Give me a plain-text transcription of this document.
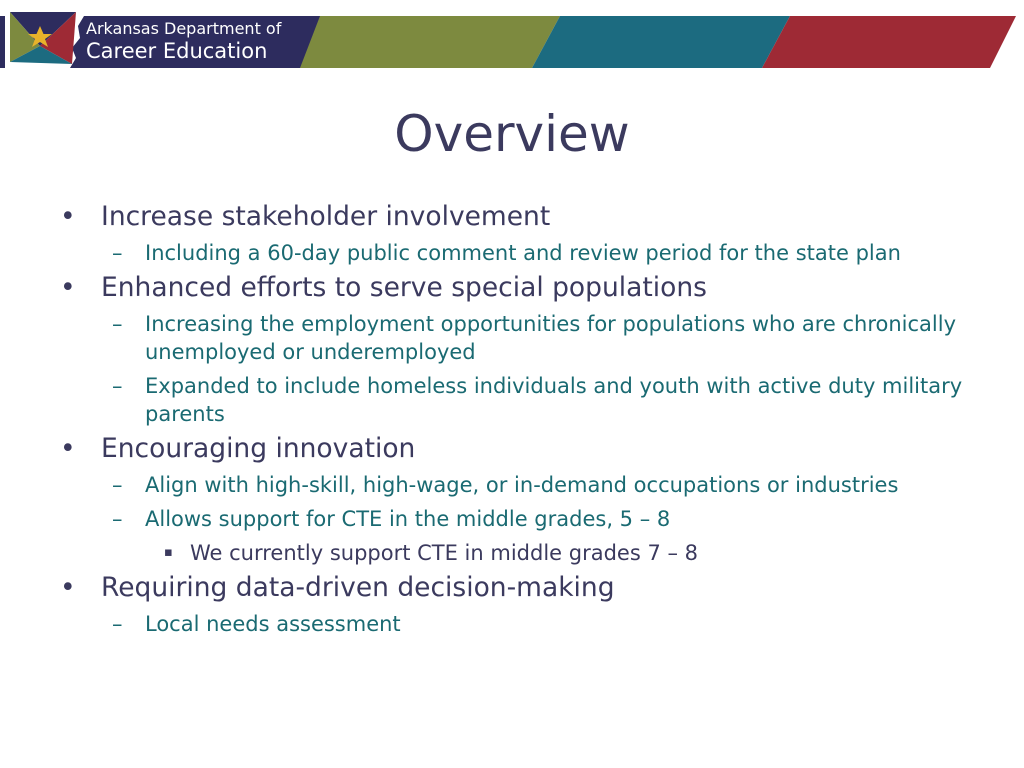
Arkansas Department of
Career Education
Overview
• Increase stakeholder involvement
– Including a 60-day public comment and review period for the state plan
• Enhanced efforts to serve special populations
– Increasing the employment opportunities for populations who are chronically unemployed or underemployed
– Expanded to include homeless individuals and youth with active duty military parents
• Encouraging innovation
– Align with high-skill, high-wage, or in-demand occupations or industries
– Allows support for CTE in the middle grades, 5 – 8
▪ We currently support CTE in middle grades 7 – 8
• Requiring data-driven decision-making
– Local needs assessment
